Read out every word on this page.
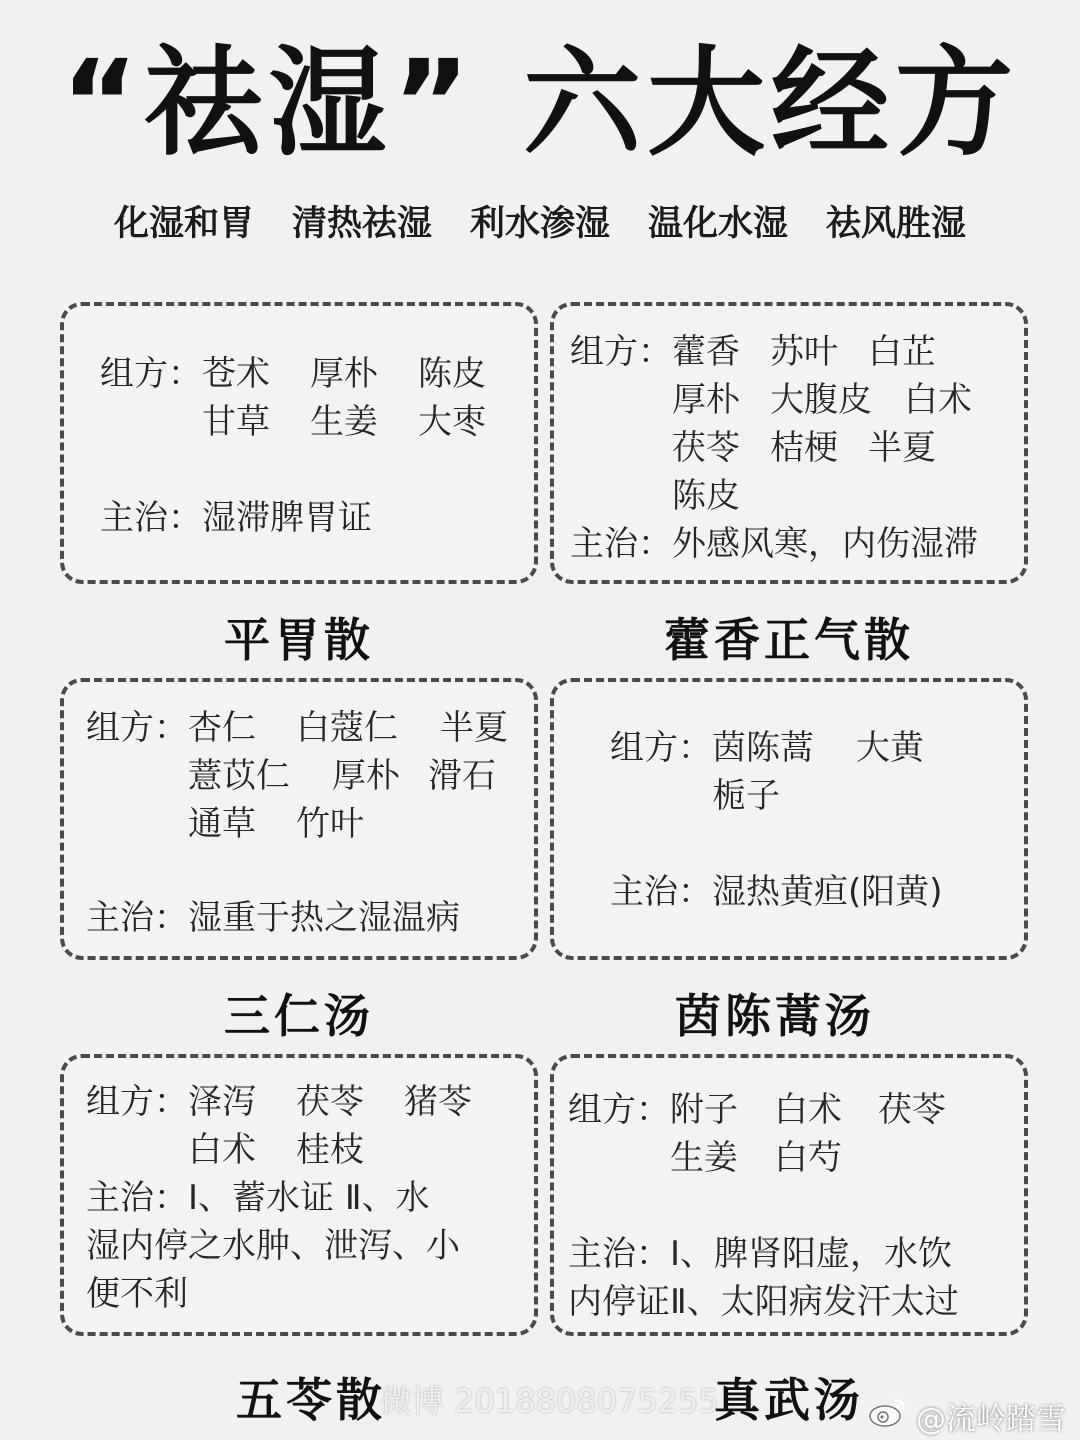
“祛湿” 六大经方
化湿和胃 清热祛湿 利水渗湿 温化水湿 祛风胜湿
组方： 苍术	厚朴	陈皮
甘草	生姜	大枣
主治： 湿滞脾胃证
平胃散
组方： 藿香 苏叶 白芷
厚朴 大腹皮 白术
茯苓 桔梗 半夏
陈皮
主治： 外感风寒，内伤湿滞
藿香正气散
组方： 杏仁	白蔻仁	半夏
薏苡仁	厚朴 滑石
通草	竹叶
主治： 湿重于热之湿温病
三仁汤
组方： 茵陈蒿	大黄
栀子
主治： 湿热黄疸(阳黄)
茵陈蒿汤
组方： 泽泻	茯苓	猪苓
白术	桂枝
主治： Ⅰ、蓄水证 Ⅱ、水
湿内停之水肿、泄泻、小
便不利
五苓散
组方： 附子	白术	茯苓
生姜	白芍
主治： Ⅰ、脾肾阳虚，水饮
内停证Ⅱ、太阳病发汗太过
真武汤
微博 2018808075255	@流岭踏雪
